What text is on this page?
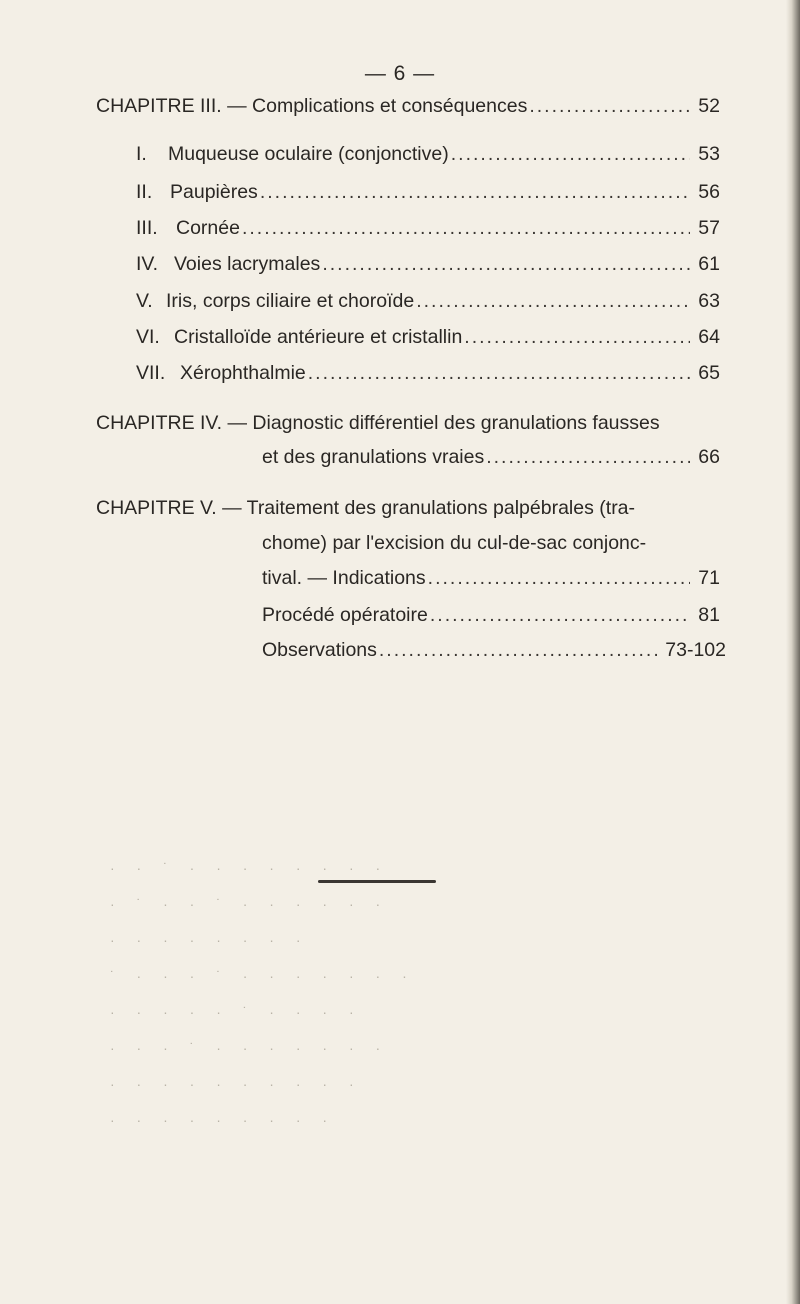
— 6 —
CHAPITRE III. — Complications et conséquences .....	52
I.	Muqueuse oculaire (conjonctive) .....	53
II. Paupières .....	56
III. Cornée .....	57
IV. Voies lacrymales .....	61
V. Iris, corps ciliaire et choroïde .....	63
VI. Cristalloïde antérieure et cristallin .....	64
VII. Xérophthalmie .....	65
CHAPITRE IV. — Diagnostic différentiel des granulations fausses
et des granulations vraies .....	66
CHAPITRE V. — Traitement des granulations palpébrales (tra-
chome) par l'excision du cul-de-sac conjonc-
tival. — Indications .....	71
Procédé opératoire .....	81
Observations .....	73-102
· · ˙ · · · · · · · ·
· ˙ · · ˙ · · · · · ·
· · · · · · · ·
˙ · · · ˙ · · · · · · ·
· · · · · ˙ · · · ·
· · · ˙ · · · · · · ·
· · · · · · · · · ·
· · · · · · · · ·
